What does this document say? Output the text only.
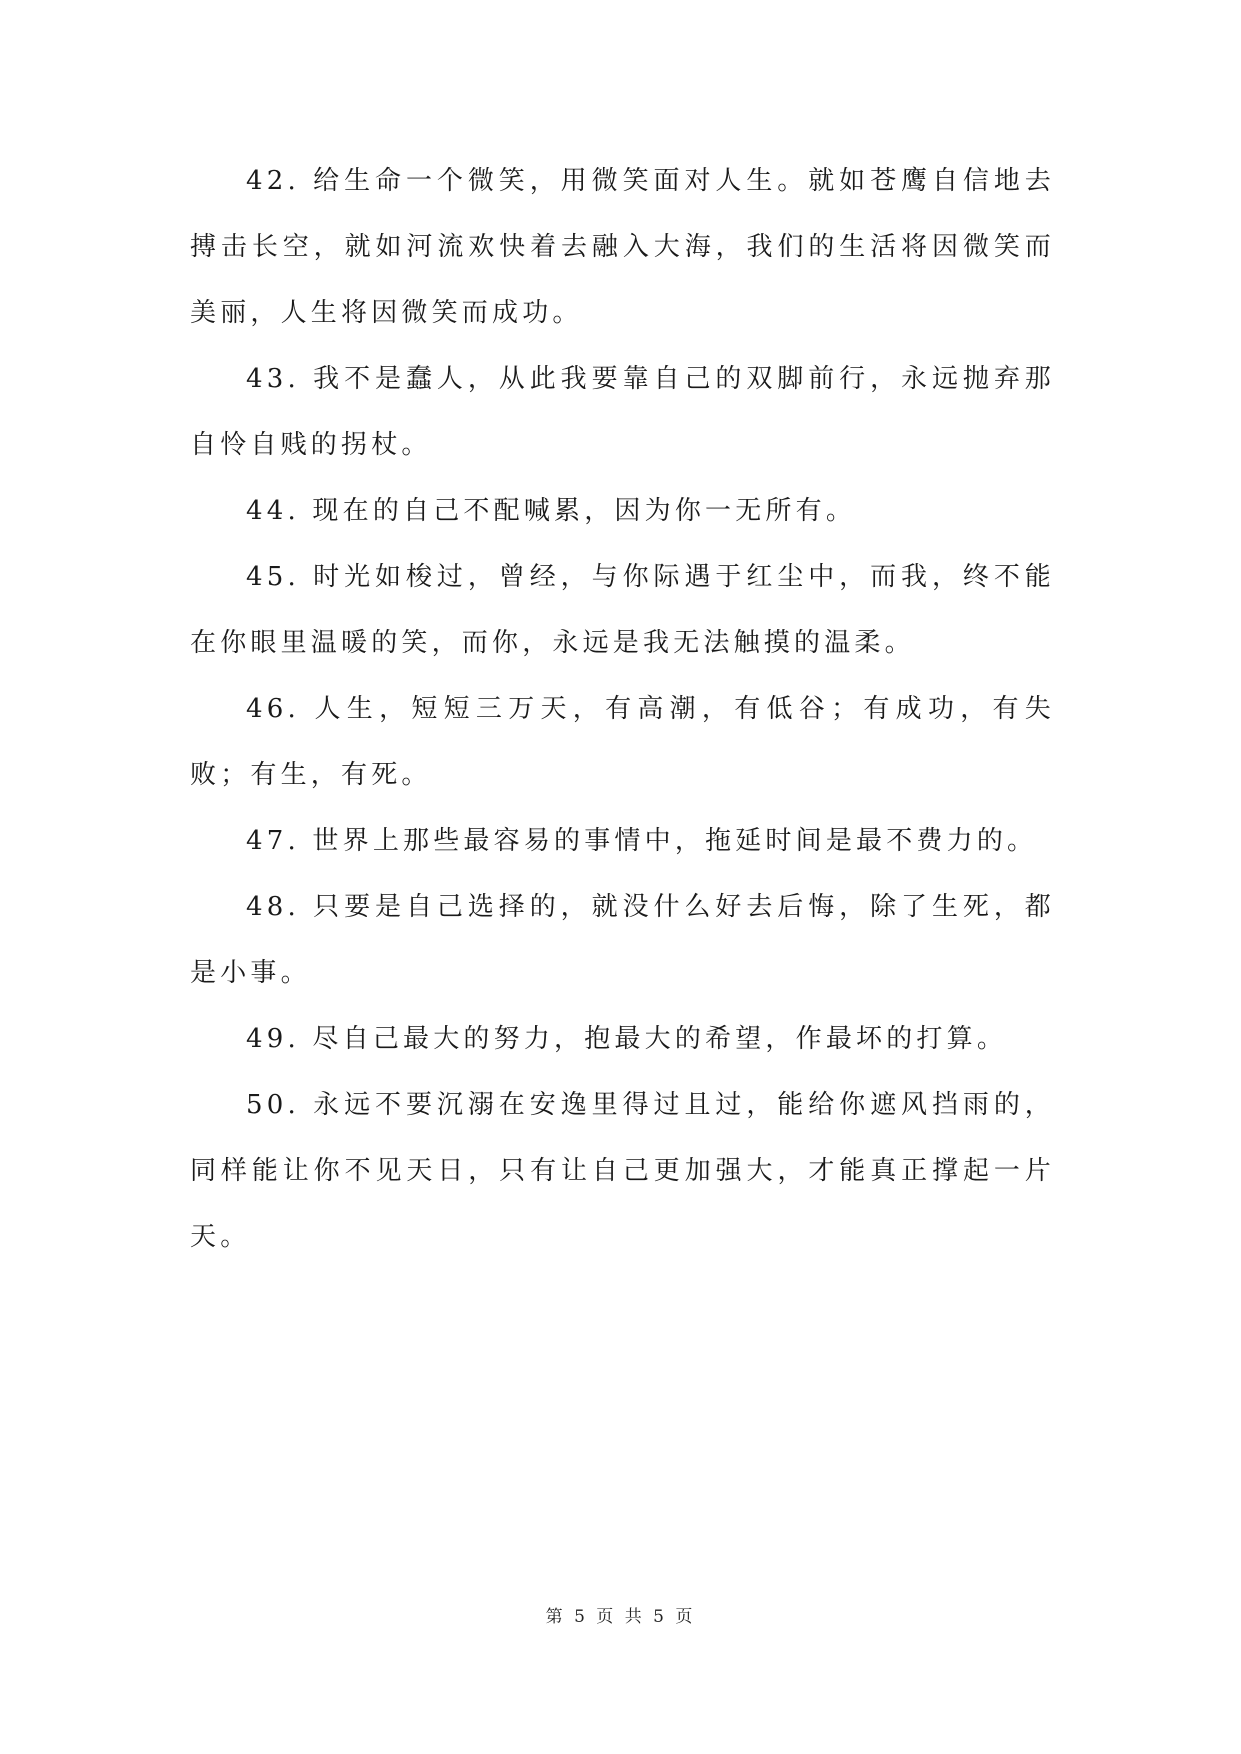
42. 给生命一个微笑，用微笑面对人生。就如苍鹰自信地去搏击长空，就如河流欢快着去融入大海，我们的生活将因微笑而美丽，人生将因微笑而成功。

43. 我不是蠢人，从此我要靠自己的双脚前行，永远抛弃那自怜自贱的拐杖。

44. 现在的自己不配喊累，因为你一无所有。

45. 时光如梭过，曾经，与你际遇于红尘中，而我，终不能在你眼里温暖的笑，而你，永远是我无法触摸的温柔。

46. 人生，短短三万天，有高潮，有低谷；有成功，有失败；有生，有死。

47. 世界上那些最容易的事情中，拖延时间是最不费力的。

48. 只要是自己选择的，就没什么好去后悔，除了生死，都是小事。

49. 尽自己最大的努力，抱最大的希望，作最坏的打算。

50. 永远不要沉溺在安逸里得过且过，能给你遮风挡雨的，同样能让你不见天日，只有让自己更加强大，才能真正撑起一片天。

第 5 页 共 5 页
